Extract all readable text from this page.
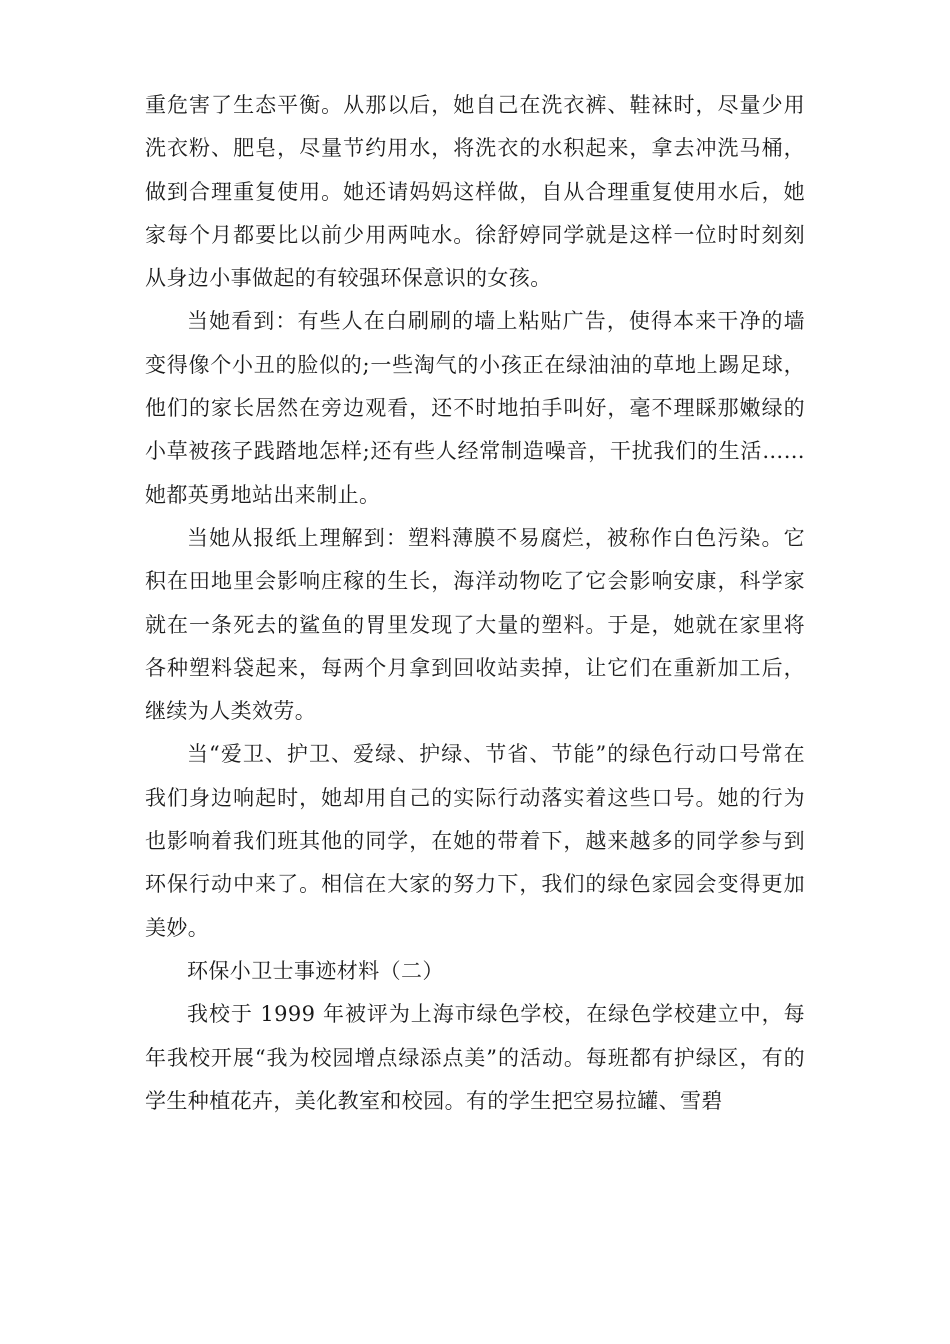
重危害了生态平衡。从那以后，她自己在洗衣裤、鞋袜时，尽量少用洗衣粉、肥皂，尽量节约用水，将洗衣的水积起来，拿去冲洗马桶，做到合理重复使用。她还请妈妈这样做，自从合理重复使用水后，她家每个月都要比以前少用两吨水。徐舒婷同学就是这样一位时时刻刻从身边小事做起的有较强环保意识的女孩。

当她看到：有些人在白刷刷的墙上粘贴广告，使得本来干净的墙变得像个小丑的脸似的;一些淘气的小孩正在绿油油的草地上踢足球，他们的家长居然在旁边观看，还不时地拍手叫好，毫不理睬那嫩绿的小草被孩子践踏地怎样;还有些人经常制造噪音，干扰我们的生活……她都英勇地站出来制止。

当她从报纸上理解到：塑料薄膜不易腐烂，被称作白色污染。它积在田地里会影响庄稼的生长，海洋动物吃了它会影响安康，科学家就在一条死去的鲨鱼的胃里发现了大量的塑料。于是，她就在家里将各种塑料袋起来，每两个月拿到回收站卖掉，让它们在重新加工后，继续为人类效劳。

当“爱卫、护卫、爱绿、护绿、节省、节能”的绿色行动口号常在我们身边响起时，她却用自己的实际行动落实着这些口号。她的行为也影响着我们班其他的同学，在她的带着下，越来越多的同学参与到环保行动中来了。相信在大家的努力下，我们的绿色家园会变得更加美妙。

环保小卫士事迹材料（二）

我校于 1999 年被评为上海市绿色学校，在绿色学校建立中，每年我校开展“我为校园增点绿添点美”的活动。每班都有护绿区，有的学生种植花卉，美化教室和校园。有的学生把空易拉罐、雪碧
